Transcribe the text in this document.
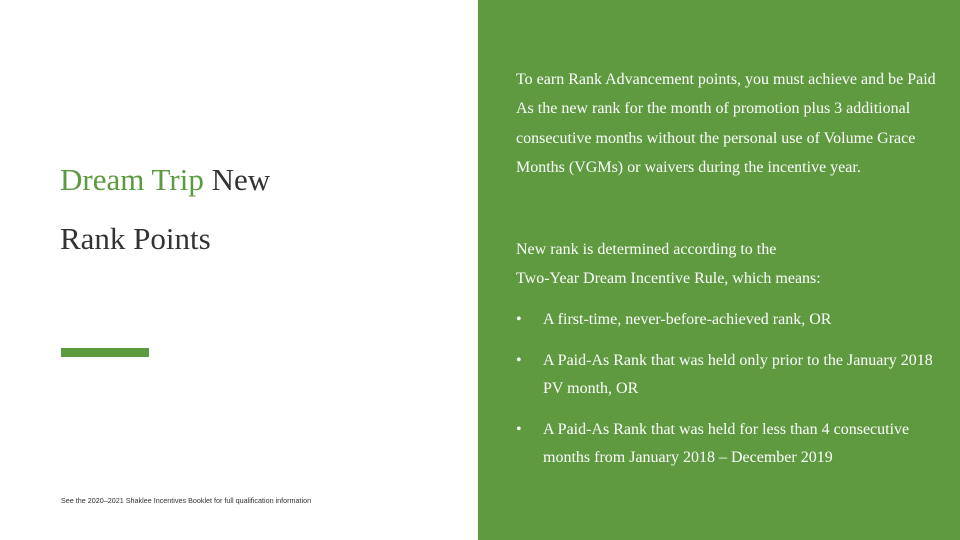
Dream Trip New
Rank Points
See the 2020–2021 Shaklee Incentives Booklet for full qualification information

To earn Rank Advancement points, you must achieve and be Paid As the new rank for the month of promotion plus 3 additional consecutive months without the personal use of Volume Grace Months (VGMs) or waivers during the incentive year.

New rank is determined according to the
Two-Year Dream Incentive Rule, which means:

• A first-time, never-before-achieved rank, OR
• A Paid-As Rank that was held only prior to the January 2018 PV month, OR
• A Paid-As Rank that was held for less than 4 consecutive months from January 2018 – December 2019
